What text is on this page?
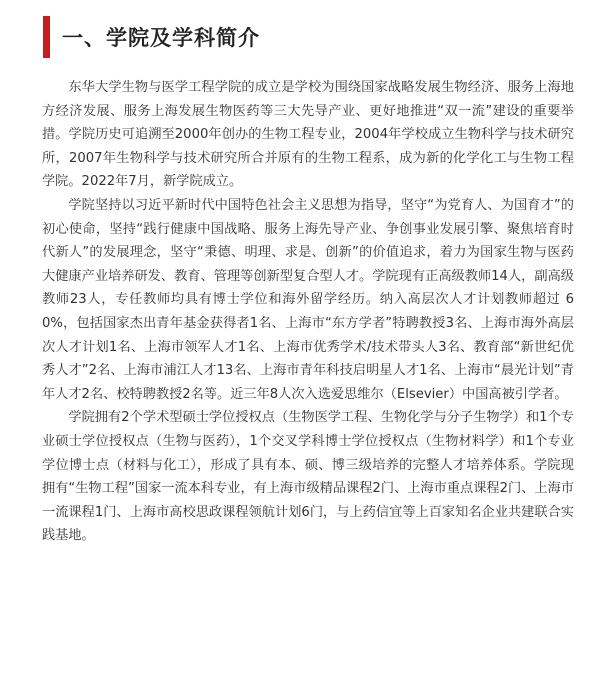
一、学院及学科简介

东华大学生物与医学工程学院的成立是学校为围绕国家战略发展生物经济、服务上海地方经济发展、服务上海发展生物医药等三大先导产业、更好地推进“双一流”建设的重要举措。学院历史可追溯至2000年创办的生物工程专业，2004年学校成立生物科学与技术研究所，2007年生物科学与技术研究所合并原有的生物工程系，成为新的化学化工与生物工程学院。2022年7月，新学院成立。

学院坚持以习近平新时代中国特色社会主义思想为指导，坚守“为党育人、为国育才”的初心使命，坚持“践行健康中国战略、服务上海先导产业、争创事业发展引擎、聚焦培育时代新人”的发展理念，坚守“秉德、明理、求是、创新”的价值追求，着力为国家生物与医药大健康产业培养研发、教育、管理等创新型复合型人才。学院现有正高级教师14人，副高级教师23人，专任教师均具有博士学位和海外留学经历。纳入高层次人才计划教师超过 60%，包括国家杰出青年基金获得者1名、上海市“东方学者”特聘教授3名、上海市海外高层次人才计划1名、上海市领军人才1名、上海市优秀学术/技术带头人3名、教育部“新世纪优秀人才”2名、上海市浦江人才13名、上海市青年科技启明星人才1名、上海市“晨光计划”青年人才2名、校特聘教授2名等。近三年8人次入选爱思维尔（Elsevier）中国高被引学者。

学院拥有2个学术型硕士学位授权点（生物医学工程、生物化学与分子生物学）和1个专业硕士学位授权点（生物与医药），1个交叉学科博士学位授权点（生物材料学）和1个专业学位博士点（材料与化工），形成了具有本、硕、博三级培养的完整人才培养体系。学院现拥有“生物工程”国家一流本科专业，有上海市级精品课程2门、上海市重点课程2门、上海市一流课程1门、上海市高校思政课程领航计划6门，与上药信宜等上百家知名企业共建联合实践基地。
